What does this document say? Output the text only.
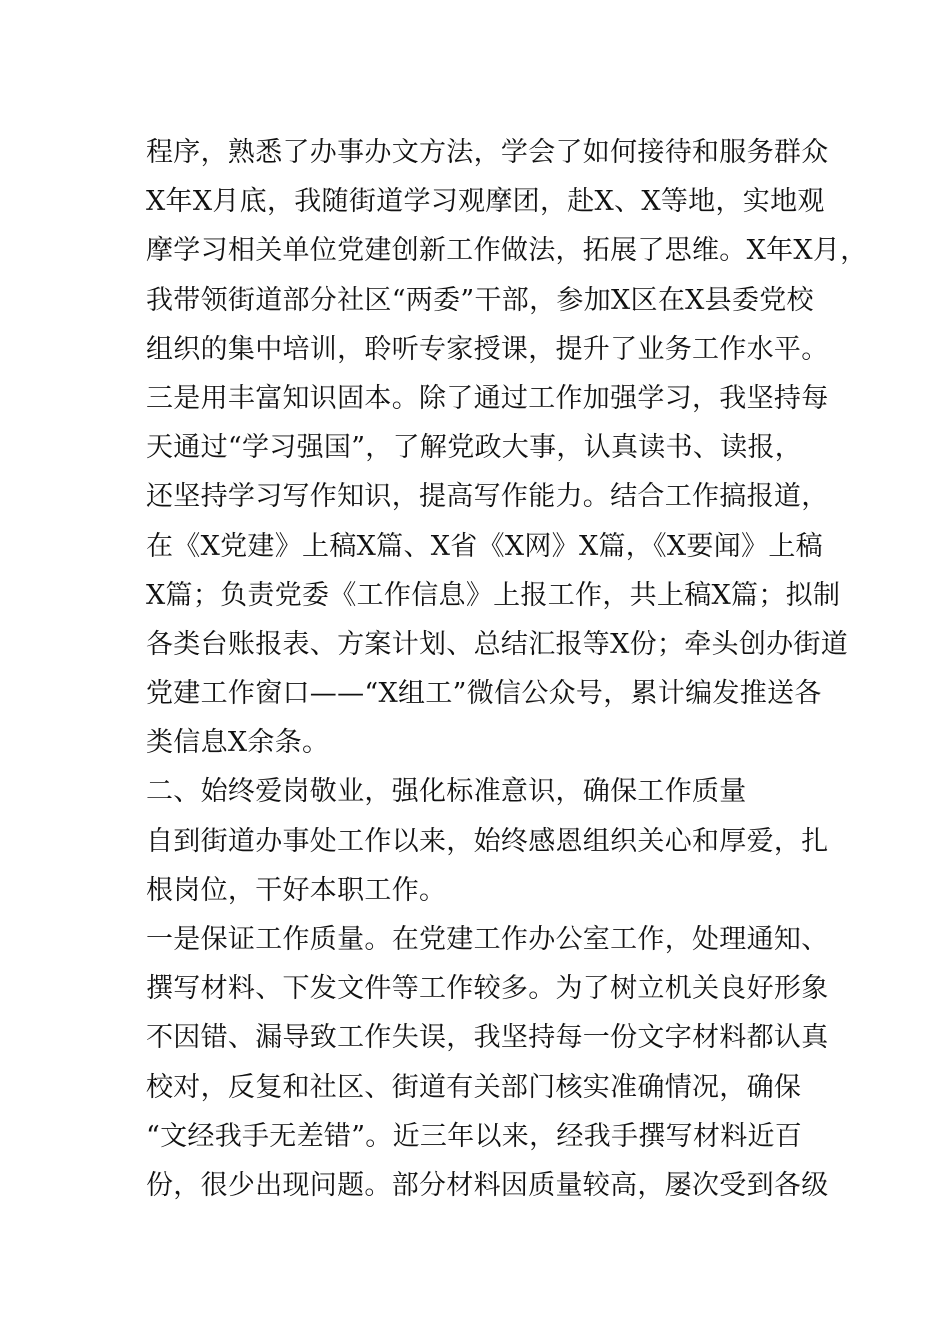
程序，熟悉了办事办文方法，学会了如何接待和服务群众
X年X月底，我随街道学习观摩团，赴X、X等地，实地观
摩学习相关单位党建创新工作做法，拓展了思维。X年X月，
我带领街道部分社区“两委”干部，参加X区在X县委党校
组织的集中培训，聆听专家授课，提升了业务工作水平。
三是用丰富知识固本。除了通过工作加强学习，我坚持每
天通过“学习强国”，了解党政大事，认真读书、读报，
还坚持学习写作知识，提高写作能力。结合工作搞报道，
在《X党建》上稿X篇、X省《X网》X篇，《X要闻》上稿
X篇；负责党委《工作信息》上报工作，共上稿X篇；拟制
各类台账报表、方案计划、总结汇报等X份；牵头创办街道
党建工作窗口——“X组工”微信公众号，累计编发推送各
类信息X余条。
二、始终爱岗敬业，强化标准意识，确保工作质量
自到街道办事处工作以来，始终感恩组织关心和厚爱，扎
根岗位，干好本职工作。
一是保证工作质量。在党建工作办公室工作，处理通知、
撰写材料、下发文件等工作较多。为了树立机关良好形象
不因错、漏导致工作失误，我坚持每一份文字材料都认真
校对，反复和社区、街道有关部门核实准确情况，确保
“文经我手无差错”。近三年以来，经我手撰写材料近百
份，很少出现问题。部分材料因质量较高，屡次受到各级
